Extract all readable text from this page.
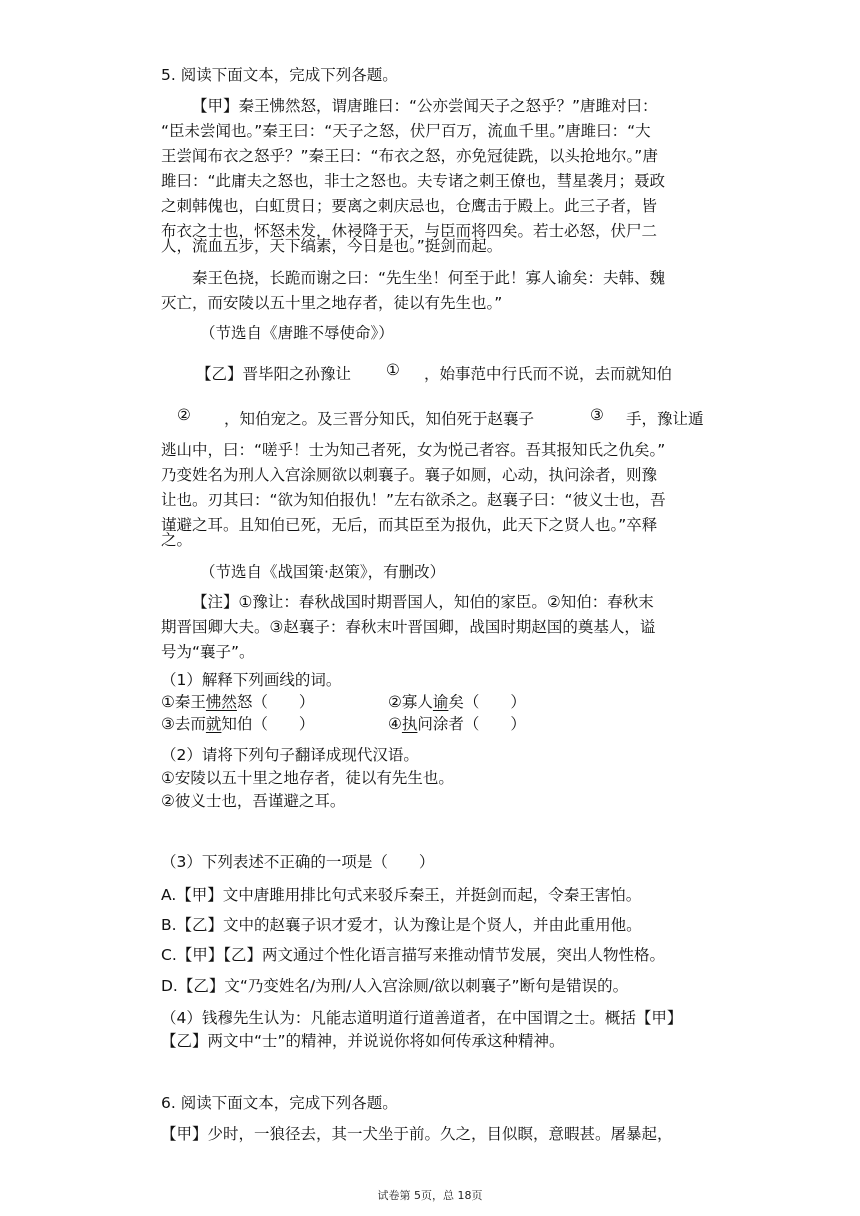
5. 阅读下面文本，完成下列各题。
【甲】秦王怫然怒，谓唐雎曰：“公亦尝闻天子之怒乎？”唐雎对曰：
“臣未尝闻也。”秦王曰：“天子之怒，伏尸百万，流血千里。”唐雎曰：“大
王尝闻布衣之怒乎？”秦王曰：“布衣之怒，亦免冠徒跣，以头抢地尔。”唐
雎曰：“此庸夫之怒也，非士之怒也。夫专诸之刺王僚也，彗星袭月；聂政
之刺韩傀也，白虹贯日；要离之刺庆忌也，仓鹰击于殿上。此三子者，皆
布衣之士也，怀怒未发，休祲降于天，与臣而将四矣。若士必怒，伏尸二
人，流血五步，天下缟素，今日是也。”挺剑而起。
秦王色挠，长跪而谢之曰：“先生坐！何至于此！寡人谕矣：夫韩、魏
灭亡，而安陵以五十里之地存者，徒以有先生也。”
（节选自《唐雎不辱使命》）
【乙】晋毕阳之孙豫让 ① ，始事范中行氏而不说，去而就知伯
② ，知伯宠之。及三晋分知氏，知伯死于赵襄子	③ 手，豫让遁
逃山中，曰：“嗟乎！士为知己者死，女为悦己者容。吾其报知氏之仇矣。”
乃变姓名为刑人入宫涂厕欲以刺襄子。襄子如厕，心动，执问涂者，则豫
让也。刃其曰：“欲为知伯报仇！”左右欲杀之。赵襄子曰：“彼义士也，吾
谨避之耳。且知伯已死，无后，而其臣至为报仇，此天下之贤人也。”卒释
之。
（节选自《战国策·赵策》，有删改）
【注】①豫让：春秋战国时期晋国人，知伯的家臣。②知伯：春秋末
期晋国卿大夫。③赵襄子：春秋末叶晋国卿，战国时期赵国的奠基人，谥
号为“襄子”。
（1）解释下列画线的词。
①秦王怫然怒（　　）	②寡人谕矣（　　）
③去而就知伯（　　）	④执问涂者（　　）
（2）请将下列句子翻译成现代汉语。
①安陵以五十里之地存者，徒以有先生也。
②彼义士也，吾谨避之耳。
（3）下列表述不正确的一项是（　　）
A.【甲】文中唐雎用排比句式来驳斥秦王，并挺剑而起，令秦王害怕。
B.【乙】文中的赵襄子识才爱才，认为豫让是个贤人，并由此重用他。
C.【甲】【乙】两文通过个性化语言描写来推动情节发展，突出人物性格。
D.【乙】文“乃变姓名/为刑/人入宫涂厕/欲以刺襄子”断句是错误的。
（4）钱穆先生认为：凡能志道明道行道善道者，在中国谓之士。概括【甲】
【乙】两文中“士”的精神，并说说你将如何传承这种精神。
6. 阅读下面文本，完成下列各题。
【甲】少时，一狼径去，其一犬坐于前。久之，目似瞑，意暇甚。屠暴起，
试卷第 5页，总 18页
